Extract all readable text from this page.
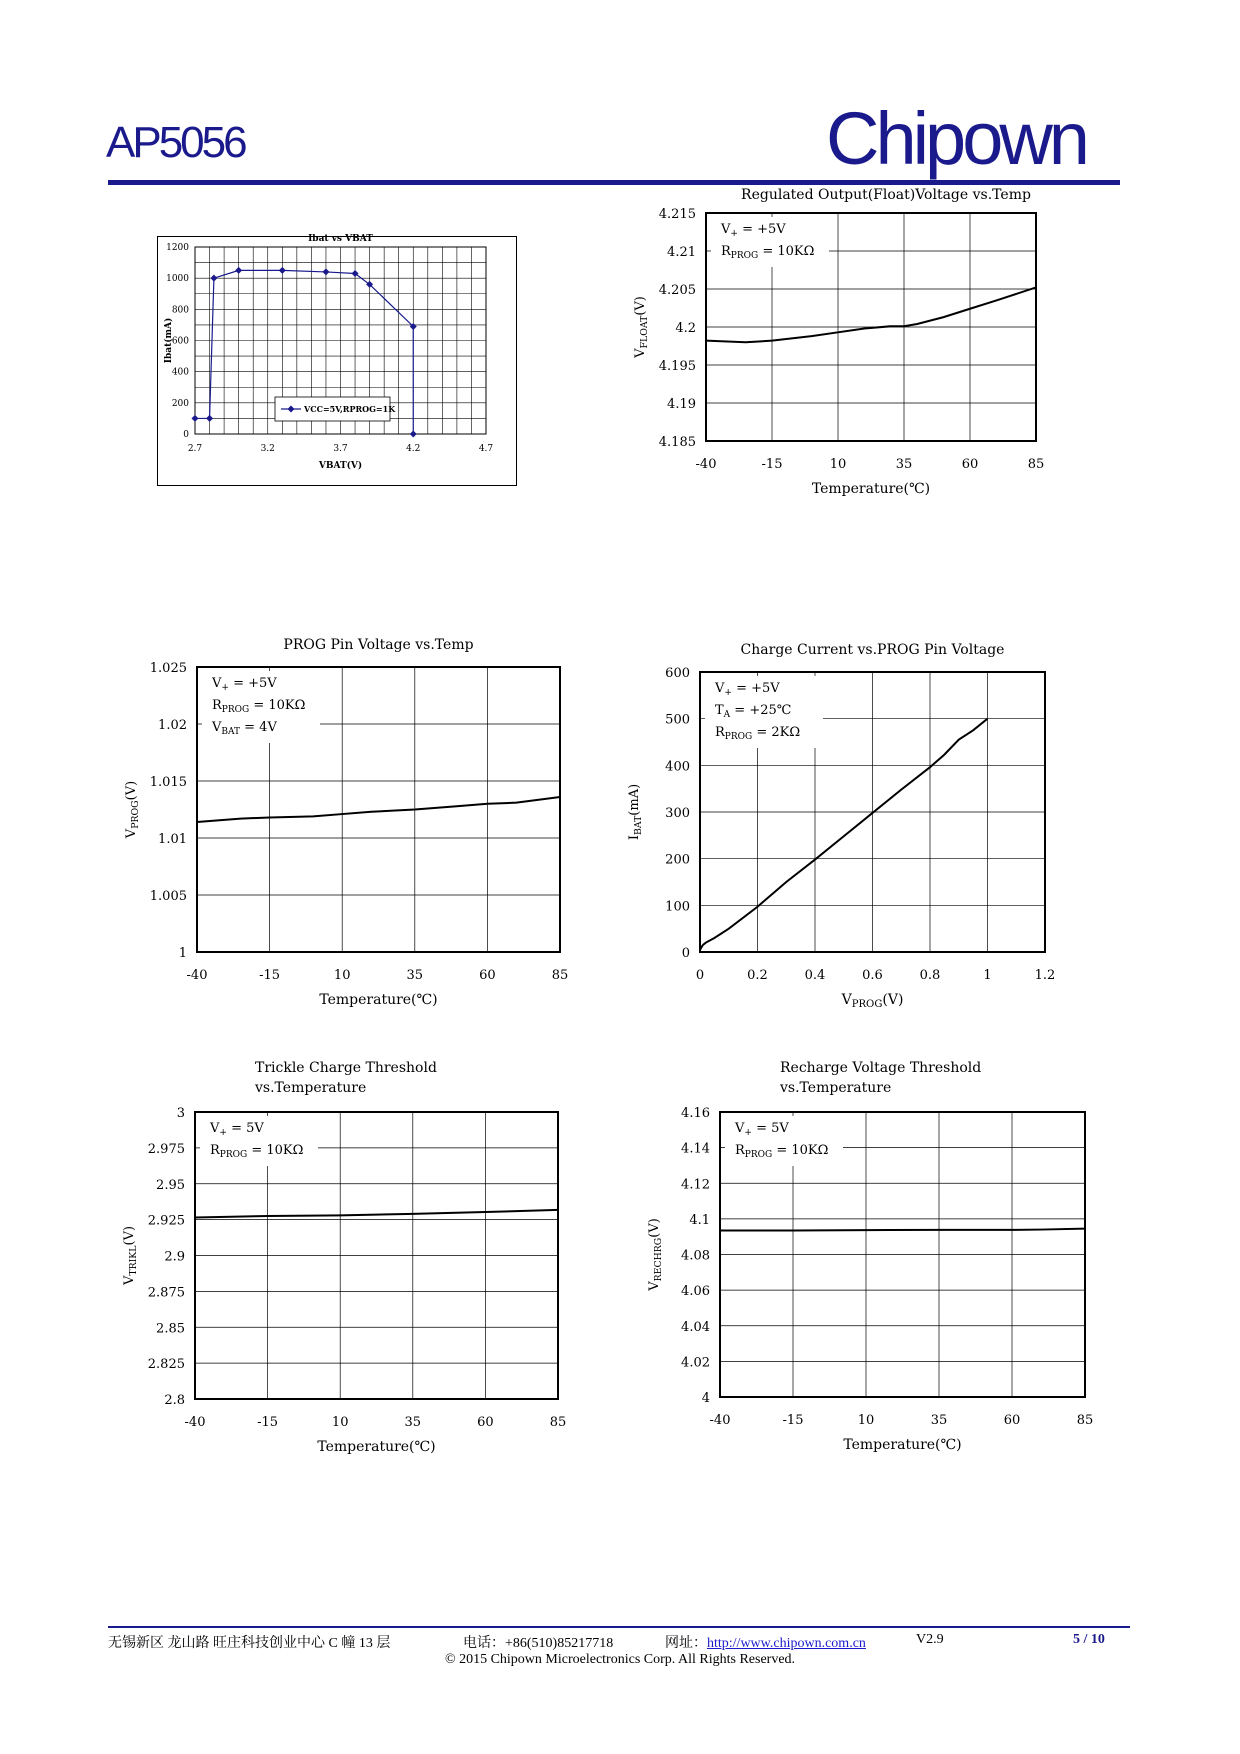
AP5056	Chipown
0
200
400
600
800
1000
1200
2.7	3.2	3.7	4.2	4.7
Ibat vs VBAT
VBAT(V)
Ibat(mA)
VCC=5V,RPROG=1K
4.185
4.19
4.195
4.2
4.205
4.21
4.215
-40	-15	10	35	60	85
Temperature(℃)
$V_{FLOAT}(V)$
$V_+ = +5V$
$R_{PROG} = 10K\Omega$
Regulated Output(Float)Voltage vs.Temp
1
1.005
1.01
1.015
1.02
1.025
-40	-15	10	35	60	85
PROG Pin Voltage vs.Temp
Temperature(℃)
$V_{PROG}(V)$
$V_+ = +5V$
$R_{PROG} = 10K\Omega$
$V_{BAT} = 4V$
0
100
200
300
400
500
600
0	0.2	0.4	0.6	0.8	1	1.2
Charge Current vs.PROG Pin Voltage
$V_{PROG}(V)$
$I_{BAT}(mA)$
$V_+ = +5V$
$T_A$ = +25℃
$R_{PROG} = 2K\Omega$
2.8
2.825
2.85
2.875
2.9
2.925
2.95
2.975
3
-40	-15	10	35	60	85
Trickle Charge Threshold
vs.Temperature
Temperature(℃)
$V_{TRIKL}(V)$
$V_+ = 5V$
$R_{PROG} = 10K\Omega$
4
4.02
4.04
4.06
4.08
4.1
4.12
4.14
4.16
-40	-15	10	35	60	85
Recharge Voltage Threshold
vs.Temperature
Temperature(℃)
$V_{RECHRG}(V)$
$V_+ = 5V$
$R_{PROG} = 10K\Omega$
无锡新区 龙山路 旺庄科技创业中心 C 幢 13 层	电话：+86(510)85217718	网址：http://www.chipown.com.cn	V2.9	5 / 10
© 2015 Chipown Microelectronics Corp. All Rights Reserved.
